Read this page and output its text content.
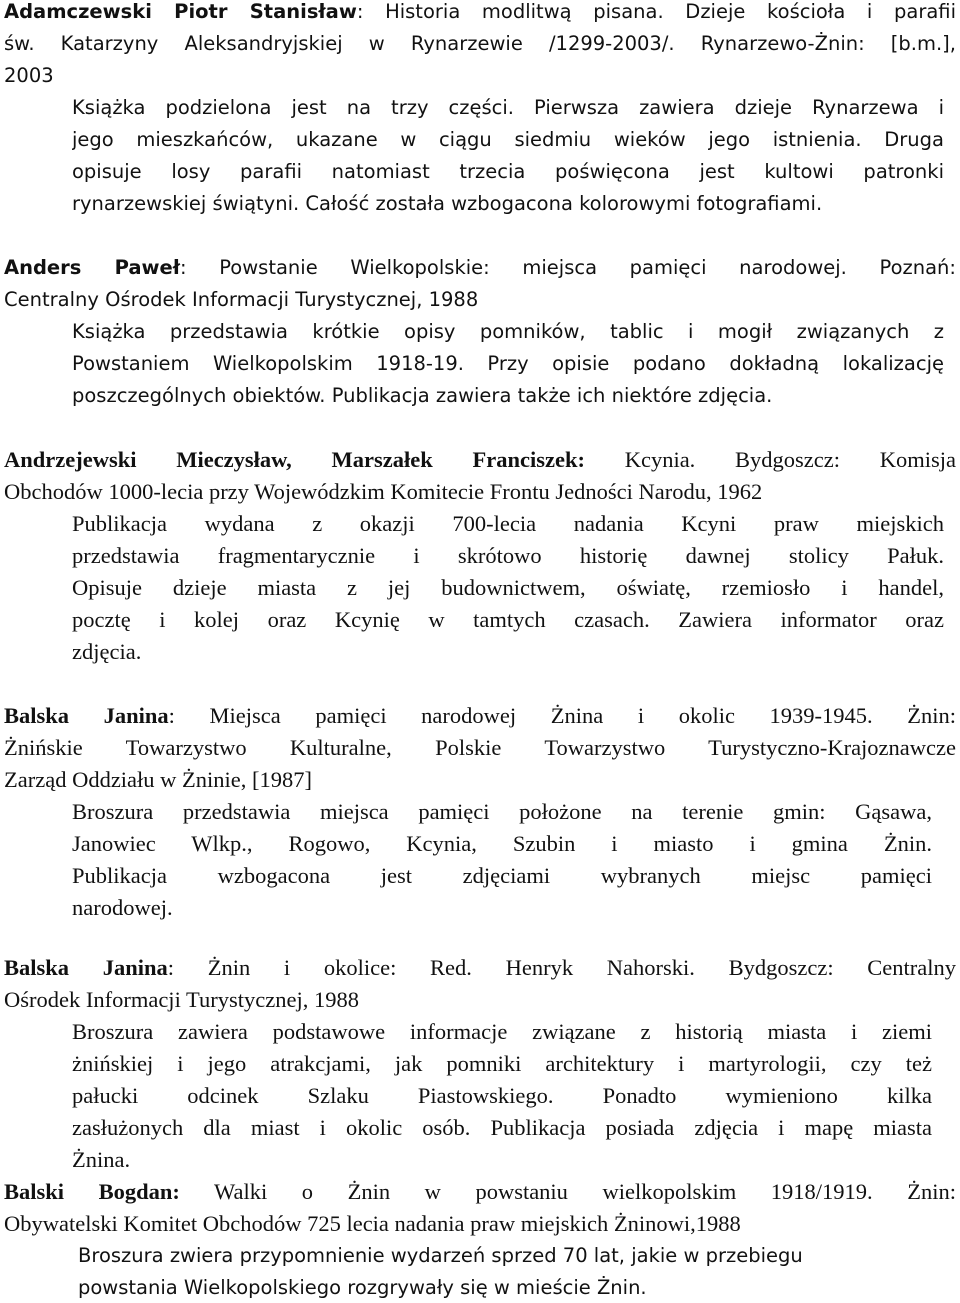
Adamczewski Piotr Stanisław: Historia modlitwą pisana. Dzieje kościoła i parafii
św. Katarzyny Aleksandryjskiej w Rynarzewie /1299-2003/. Rynarzewo-Żnin: [b.m.],
2003
Książka podzielona jest na trzy części. Pierwsza zawiera dzieje Rynarzewa i
jego mieszkańców, ukazane w ciągu siedmiu wieków jego istnienia. Druga
opisuje losy parafii natomiast trzecia poświęcona jest kultowi patronki
rynarzewskiej świątyni. Całość została wzbogacona kolorowymi fotografiami.
Anders Paweł: Powstanie Wielkopolskie: miejsca pamięci narodowej. Poznań:
Centralny Ośrodek Informacji Turystycznej, 1988
Książka przedstawia krótkie opisy pomników, tablic i mogił związanych z
Powstaniem Wielkopolskim 1918-19. Przy opisie podano dokładną lokalizację
poszczególnych obiektów. Publikacja zawiera także ich niektóre zdjęcia.
Andrzejewski Mieczysław, Marszałek Franciszek: Kcynia. Bydgoszcz: Komisja
Obchodów 1000-lecia przy Wojewódzkim Komitecie Frontu Jedności Narodu, 1962
Publikacja wydana z okazji 700-lecia nadania Kcyni praw miejskich
przedstawia fragmentarycznie i skrótowo historię dawnej stolicy Pałuk.
Opisuje dzieje miasta z jej budownictwem, oświatę, rzemiosło i handel,
pocztę i kolej oraz Kcynię w tamtych czasach. Zawiera informator oraz
zdjęcia.
Balska Janina: Miejsca pamięci narodowej Żnina i okolic 1939-1945. Żnin:
Żnińskie Towarzystwo Kulturalne, Polskie Towarzystwo Turystyczno-Krajoznawcze
Zarząd Oddziału w Żninie, [1987]
Broszura przedstawia miejsca pamięci położone na terenie gmin: Gąsawa,
Janowiec Wlkp., Rogowo, Kcynia, Szubin i miasto i gmina Żnin.
Publikacja wzbogacona jest zdjęciami wybranych miejsc pamięci
narodowej.
Balska Janina: Żnin i okolice: Red. Henryk Nahorski. Bydgoszcz: Centralny
Ośrodek Informacji Turystycznej, 1988
Broszura zawiera podstawowe informacje związane z historią miasta i ziemi
żnińskiej i jego atrakcjami, jak pomniki architektury i martyrologii, czy też
pałucki odcinek Szlaku Piastowskiego. Ponadto wymieniono kilka
zasłużonych dla miast i okolic osób. Publikacja posiada zdjęcia i mapę miasta
Żnina.
Balski Bogdan: Walki o Żnin w powstaniu wielkopolskim 1918/1919. Żnin:
Obywatelski Komitet Obchodów 725 lecia nadania praw miejskich Żninowi,1988
Broszura zwiera przypomnienie wydarzeń sprzed 70 lat, jakie w przebiegu
powstania Wielkopolskiego rozgrywały się w mieście Żnin.
